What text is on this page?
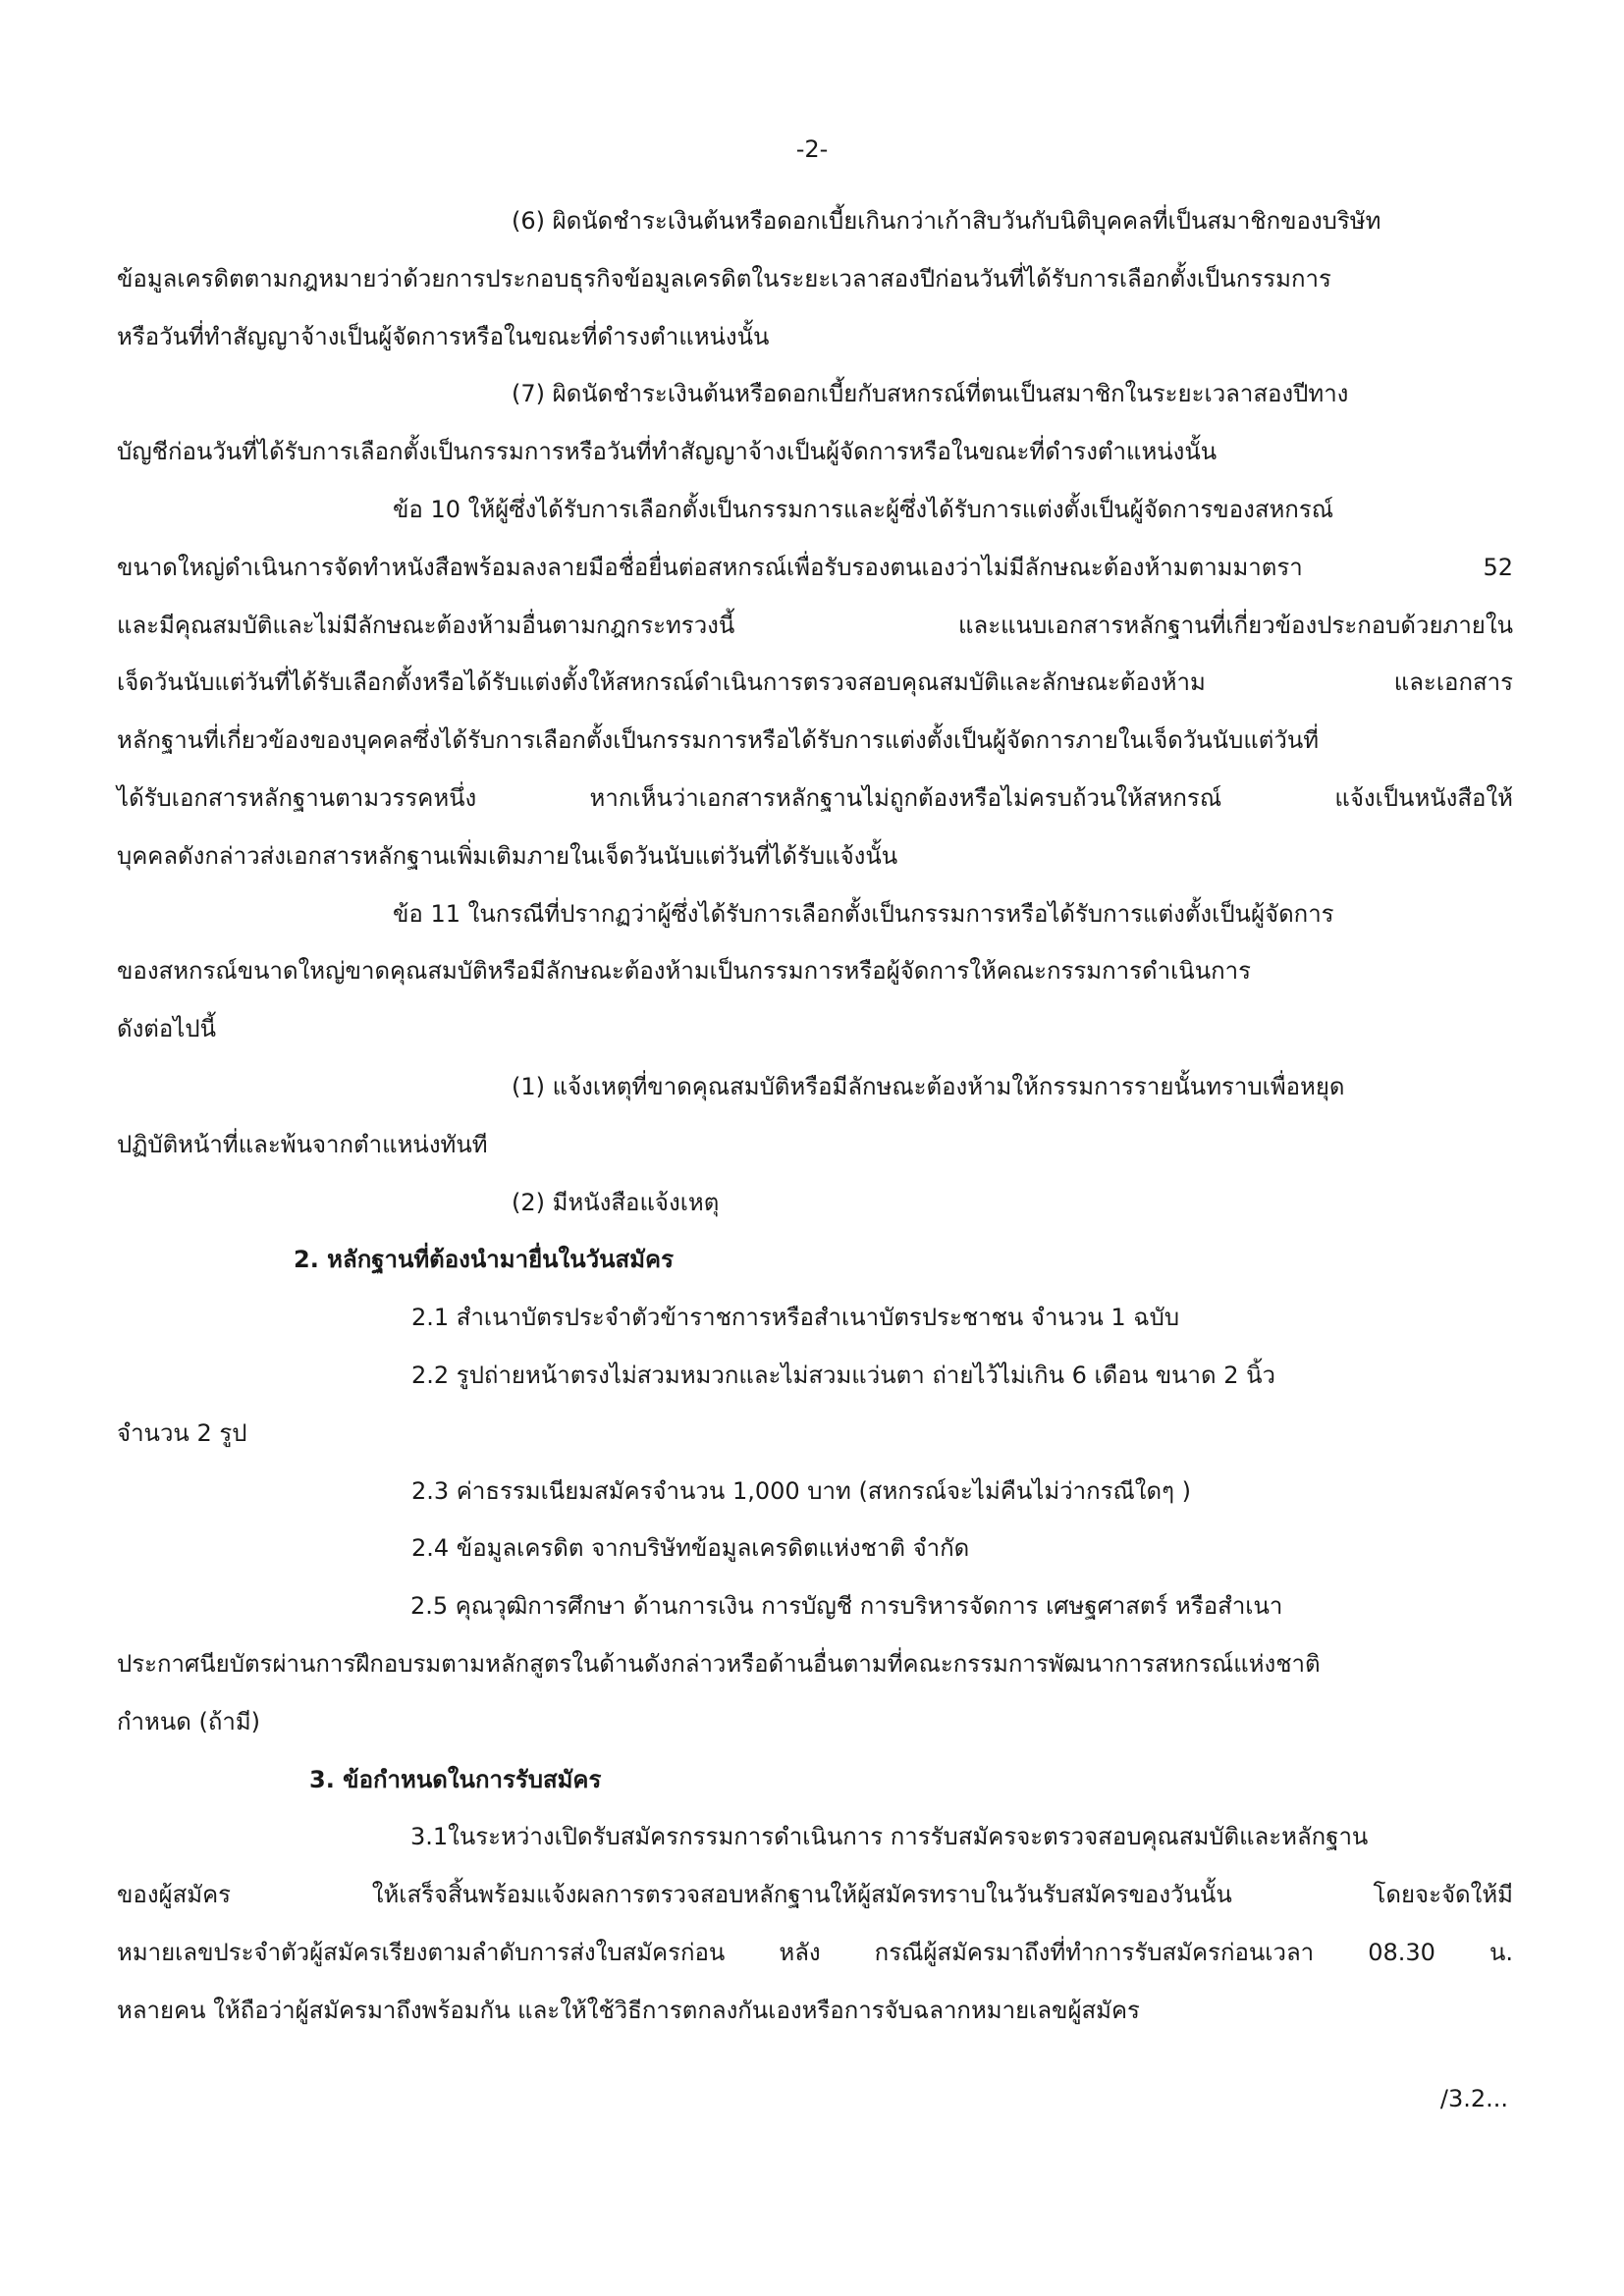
-2-
(6) ผิดนัดชำระเงินต้นหรือดอกเบี้ยเกินกว่าเก้าสิบวันกับนิติบุคคลที่เป็นสมาชิกของบริษัท
ข้อมูลเครดิตตามกฎหมายว่าด้วยการประกอบธุรกิจข้อมูลเครดิตในระยะเวลาสองปีก่อนวันที่ได้รับการเลือกตั้งเป็นกรรมการ
หรือวันที่ทำสัญญาจ้างเป็นผู้จัดการหรือในขณะที่ดำรงตำแหน่งนั้น
(7) ผิดนัดชำระเงินต้นหรือดอกเบี้ยกับสหกรณ์ที่ตนเป็นสมาชิกในระยะเวลาสองปีทาง
บัญชีก่อนวันที่ได้รับการเลือกตั้งเป็นกรรมการหรือวันที่ทำสัญญาจ้างเป็นผู้จัดการหรือในขณะที่ดำรงตำแหน่งนั้น
ข้อ 10 ให้ผู้ซึ่งได้รับการเลือกตั้งเป็นกรรมการและผู้ซึ่งได้รับการแต่งตั้งเป็นผู้จัดการของสหกรณ์
ขนาดใหญ่ดำเนินการจัดทำหนังสือพร้อมลงลายมือชื่อยื่นต่อสหกรณ์เพื่อรับรองตนเองว่าไม่มีลักษณะต้องห้ามตามมาตรา 52
และมีคุณสมบัติและไม่มีลักษณะต้องห้ามอื่นตามกฎกระทรวงนี้ และแนบเอกสารหลักฐานที่เกี่ยวข้องประกอบด้วยภายใน
เจ็ดวันนับแต่วันที่ได้รับเลือกตั้งหรือได้รับแต่งตั้งให้สหกรณ์ดำเนินการตรวจสอบคุณสมบัติและลักษณะต้องห้าม และเอกสาร
หลักฐานที่เกี่ยวข้องของบุคคลซึ่งได้รับการเลือกตั้งเป็นกรรมการหรือได้รับการแต่งตั้งเป็นผู้จัดการภายในเจ็ดวันนับแต่วันที่
ได้รับเอกสารหลักฐานตามวรรคหนึ่ง หากเห็นว่าเอกสารหลักฐานไม่ถูกต้องหรือไม่ครบถ้วนให้สหกรณ์ แจ้งเป็นหนังสือให้
บุคคลดังกล่าวส่งเอกสารหลักฐานเพิ่มเติมภายในเจ็ดวันนับแต่วันที่ได้รับแจ้งนั้น
ข้อ 11 ในกรณีที่ปรากฏว่าผู้ซึ่งได้รับการเลือกตั้งเป็นกรรมการหรือได้รับการแต่งตั้งเป็นผู้จัดการ
ของสหกรณ์ขนาดใหญ่ขาดคุณสมบัติหรือมีลักษณะต้องห้ามเป็นกรรมการหรือผู้จัดการให้คณะกรรมการดำเนินการ
ดังต่อไปนี้
(1) แจ้งเหตุที่ขาดคุณสมบัติหรือมีลักษณะต้องห้ามให้กรรมการรายนั้นทราบเพื่อหยุด
ปฏิบัติหน้าที่และพ้นจากตำแหน่งทันที
(2) มีหนังสือแจ้งเหตุ
2. หลักฐานที่ต้องนำมายื่นในวันสมัคร
2.1 สำเนาบัตรประจำตัวข้าราชการหรือสำเนาบัตรประชาชน จำนวน 1 ฉบับ
2.2 รูปถ่ายหน้าตรงไม่สวมหมวกและไม่สวมแว่นตา ถ่ายไว้ไม่เกิน 6 เดือน ขนาด 2 นิ้ว
จำนวน 2 รูป
2.3 ค่าธรรมเนียมสมัครจำนวน 1,000 บาท (สหกรณ์จะไม่คืนไม่ว่ากรณีใดๆ )
2.4 ข้อมูลเครดิต จากบริษัทข้อมูลเครดิตแห่งชาติ จำกัด
2.5 คุณวุฒิการศึกษา ด้านการเงิน การบัญชี การบริหารจัดการ เศษฐศาสตร์ หรือสำเนา
ประกาศนียบัตรผ่านการฝึกอบรมตามหลักสูตรในด้านดังกล่าวหรือด้านอื่นตามที่คณะกรรมการพัฒนาการสหกรณ์แห่งชาติ
กำหนด (ถ้ามี)
3. ข้อกำหนดในการรับสมัคร
3.1ในระหว่างเปิดรับสมัครกรรมการดำเนินการ การรับสมัครจะตรวจสอบคุณสมบัติและหลักฐาน
ของผู้สมัคร ให้เสร็จสิ้นพร้อมแจ้งผลการตรวจสอบหลักฐานให้ผู้สมัครทราบในวันรับสมัครของวันนั้น โดยจะจัดให้มี
หมายเลขประจำตัวผู้สมัครเรียงตามลำดับการส่งใบสมัครก่อน หลัง กรณีผู้สมัครมาถึงที่ทำการรับสมัครก่อนเวลา 08.30 น.
หลายคน ให้ถือว่าผู้สมัครมาถึงพร้อมกัน และให้ใช้วิธีการตกลงกันเองหรือการจับฉลากหมายเลขผู้สมัคร
/3.2...
